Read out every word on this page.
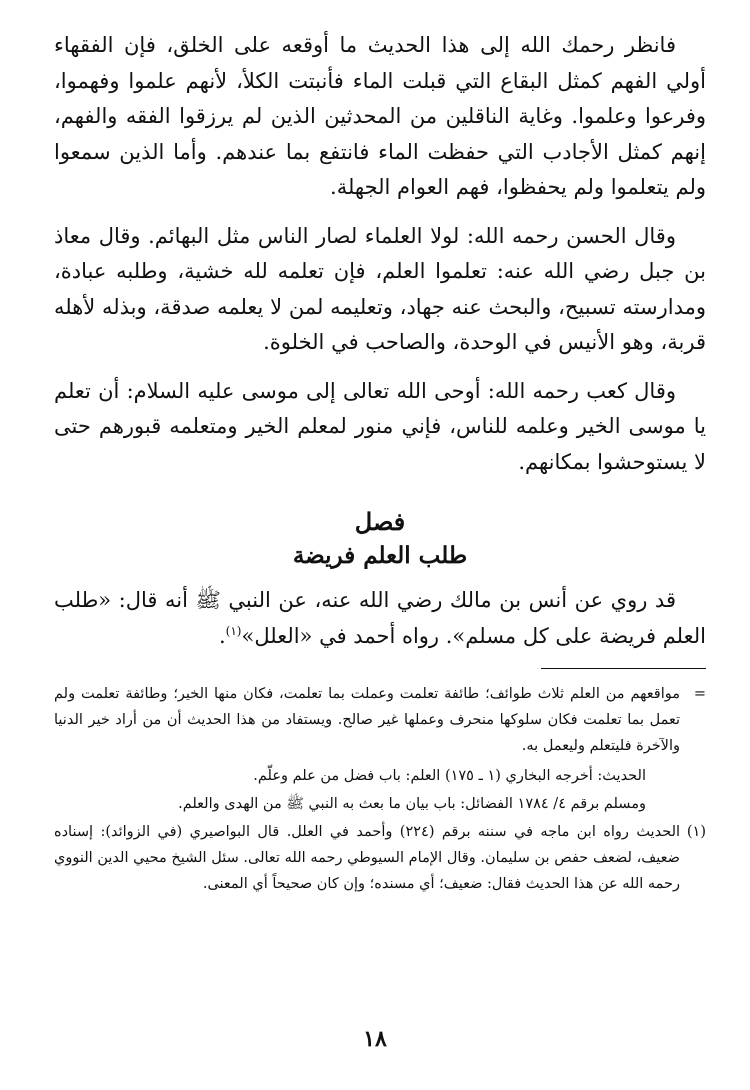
فانظر رحمك الله إلى هذا الحديث ما أوقعه على الخلق، فإن الفقهاء أولي الفهم كمثل البقاع التي قبلت الماء فأنبتت الكلأ، لأنهم علموا وفهموا، وفرعوا وعلموا. وغاية الناقلين من المحدثين الذين لم يرزقوا الفقه والفهم، إنهم كمثل الأجادب التي حفظت الماء فانتفع بما عندهم. وأما الذين سمعوا ولم يتعلموا ولم يحفظوا، فهم العوام الجهلة.

وقال الحسن رحمه الله: لولا العلماء لصار الناس مثل البهائم. وقال معاذ بن جبل رضي الله عنه: تعلموا العلم، فإن تعلمه لله خشية، وطلبه عبادة، ومدارسته تسبيح، والبحث عنه جهاد، وتعليمه لمن لا يعلمه صدقة، وبذله لأهله قربة، وهو الأنيس في الوحدة، والصاحب في الخلوة.

وقال كعب رحمه الله: أوحى الله تعالى إلى موسى عليه السلام: أن تعلم يا موسى الخير وعلمه للناس، فإني منور لمعلم الخير ومتعلمه قبورهم حتى لا يستوحشوا بمكانهم.

فصل
طلب العلم فريضة

قد روي عن أنس بن مالك رضي الله عنه، عن النبي ﷺ أنه قال: «طلب العلم فريضة على كل مسلم». رواه أحمد في «العلل»$^{(١)}$.

=
مواقعهم من العلم ثلاث طوائف؛ طائفة تعلمت وعملت بما تعلمت، فكان منها الخير؛ وطائفة تعلمت ولم تعمل بما تعلمت فكان سلوكها منحرف وعملها غير صالح. ويستفاد من هذا الحديث أن من أراد خير الدنيا والآخرة فليتعلم وليعمل به.
الحديث: أخرجه البخاري (١ ـ ١٧٥) العلم: باب فضل من علم وعلّم.
ومسلم برقم ٤/ ١٧٨٤ الفضائل: باب بيان ما بعث به النبي ﷺ من الهدى والعلم.
(١)
الحديث رواه ابن ماجه في سننه برقم (٢٢٤) وأحمد في العلل. قال البواصيري (في الزوائد): إسناده ضعيف، لضعف حفص بن سليمان. وقال الإمام السيوطي رحمه الله تعالى. سئل الشيخ محيي الدين النووي رحمه الله عن هذا الحديث فقال: ضعيف؛ أي مسنده؛ وإن كان صحيحاً أي المعنى.
١٨
